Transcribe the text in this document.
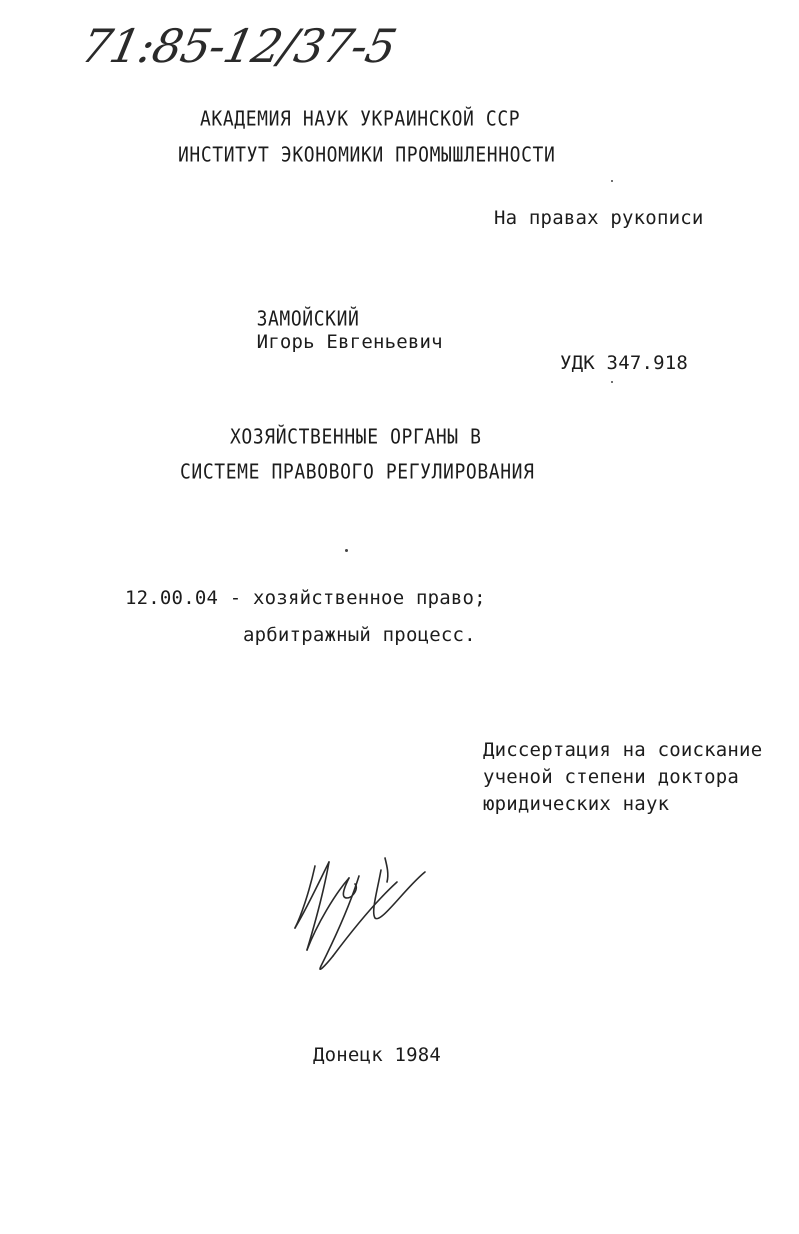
71:85-12/37-5
АКАДЕМИЯ НАУК УКРАИНСКОЙ ССР
ИНСТИТУТ ЭКОНОМИКИ ПРОМЫШЛЕННОСТИ
На правах рукописи

ЗАМОЙСКИЙ
Игорь Евгеньевич

УДК 347.918
ХОЗЯЙСТВЕННЫЕ ОРГАНЫ В
СИСТЕМЕ ПРАВОВОГО РЕГУЛИРОВАНИЯ
12.00.04 - хозяйственное право;
арбитражный процесс.
Диссертация на соискание
ученой степени доктора
юридических наук
Донецк 1984
